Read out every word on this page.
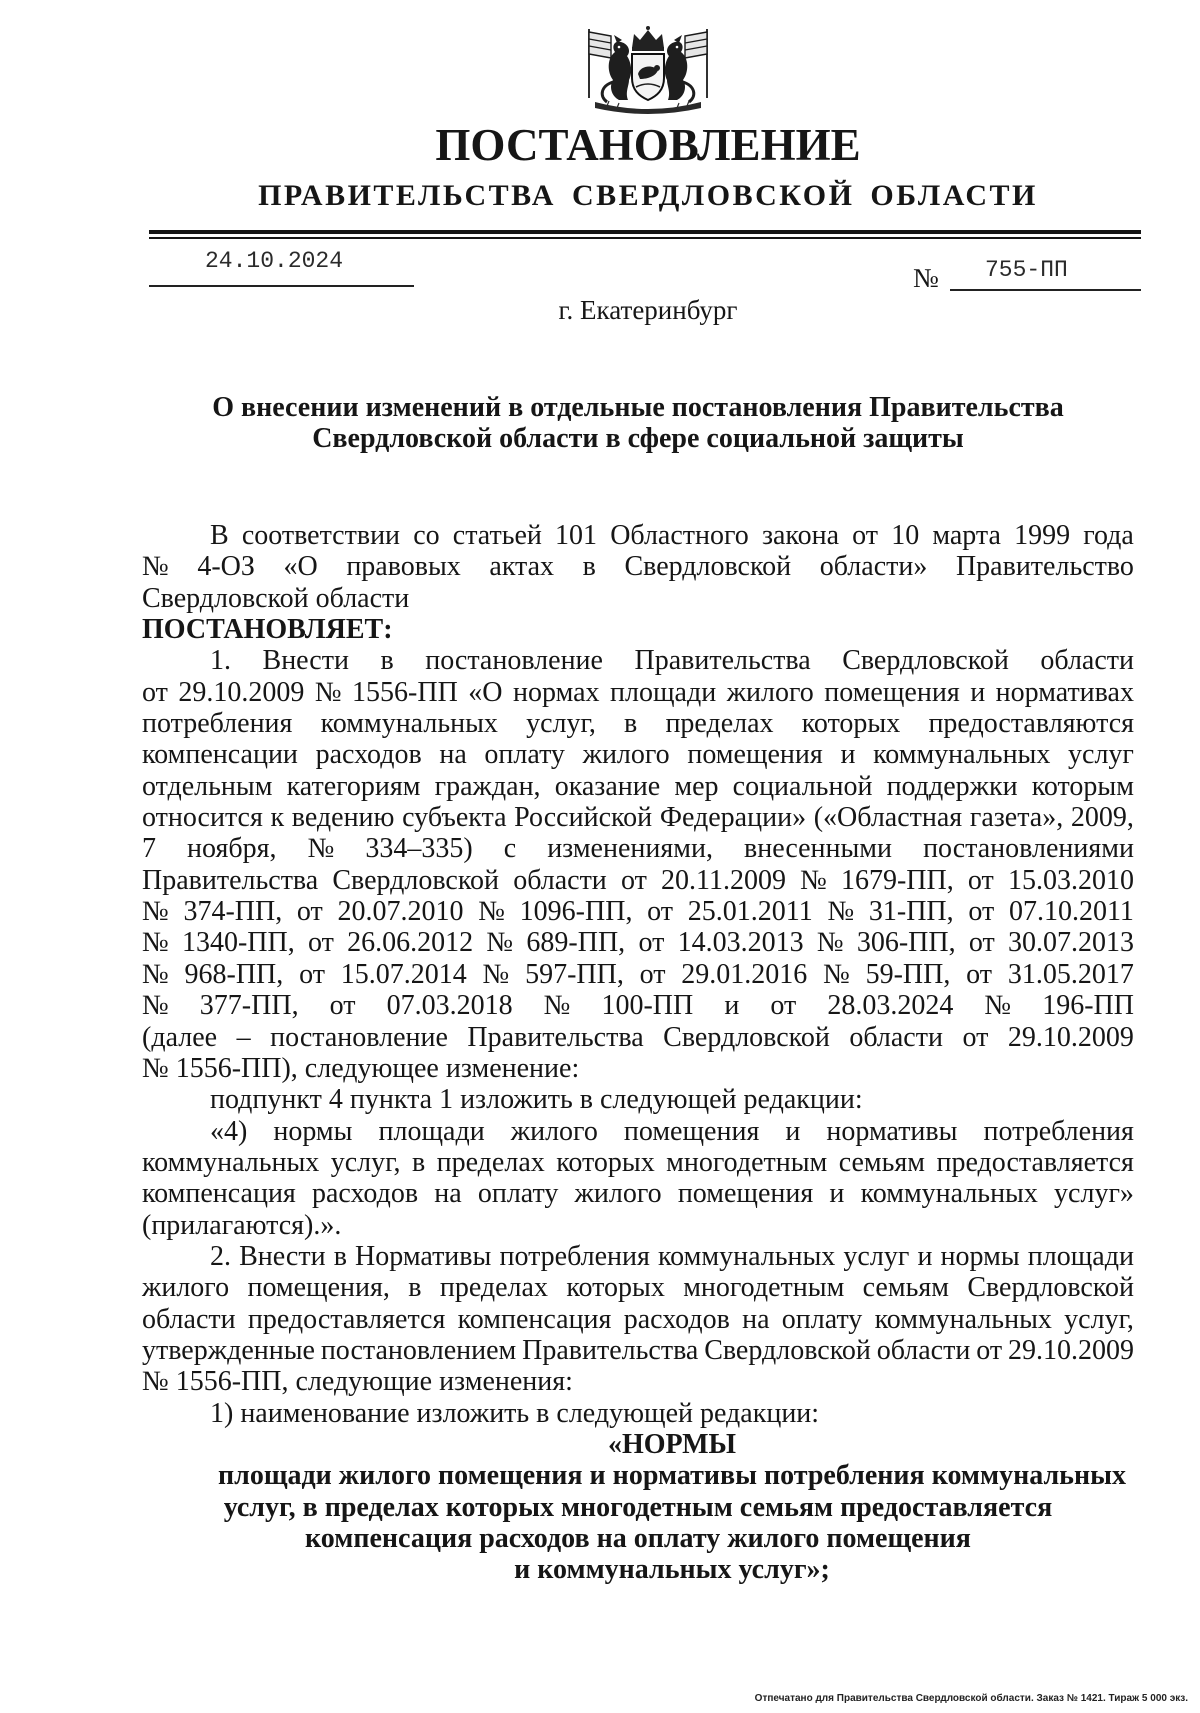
ПОСТАНОВЛЕНИЕ
ПРАВИТЕЛЬСТВА СВЕРДЛОВСКОЙ ОБЛАСТИ
24.10.2024
№ 755-ПП
г. Екатеринбург
О внесении изменений в отдельные постановления Правительства
Свердловской области в сфере социальной защиты
В соответствии со статьей 101 Областного закона от 10 марта 1999 года
№ 4-ОЗ «О правовых актах в Свердловской области» Правительство
Свердловской области
ПОСТАНОВЛЯЕТ:
1. Внести в постановление Правительства Свердловской области
от 29.10.2009 № 1556-ПП «О нормах площади жилого помещения и нормативах
потребления коммунальных услуг, в пределах которых предоставляются
компенсации расходов на оплату жилого помещения и коммунальных услуг
отдельным категориям граждан, оказание мер социальной поддержки которым
относится к ведению субъекта Российской Федерации» («Областная газета», 2009,
7 ноября, № 334–335) с изменениями, внесенными постановлениями
Правительства Свердловской области от 20.11.2009 № 1679-ПП, от 15.03.2010
№ 374-ПП, от 20.07.2010 № 1096-ПП, от 25.01.2011 № 31-ПП, от 07.10.2011
№ 1340-ПП, от 26.06.2012 № 689-ПП, от 14.03.2013 № 306-ПП, от 30.07.2013
№ 968-ПП, от 15.07.2014 № 597-ПП, от 29.01.2016 № 59-ПП, от 31.05.2017
№ 377-ПП, от 07.03.2018 № 100-ПП и от 28.03.2024 № 196-ПП
(далее – постановление Правительства Свердловской области от 29.10.2009
№ 1556-ПП), следующее изменение:
подпункт 4 пункта 1 изложить в следующей редакции:
«4) нормы площади жилого помещения и нормативы потребления
коммунальных услуг, в пределах которых многодетным семьям предоставляется
компенсация расходов на оплату жилого помещения и коммунальных услуг»
(прилагаются).».
2. Внести в Нормативы потребления коммунальных услуг и нормы площади
жилого помещения, в пределах которых многодетным семьям Свердловской
области предоставляется компенсация расходов на оплату коммунальных услуг,
утвержденные постановлением Правительства Свердловской области от 29.10.2009
№ 1556-ПП, следующие изменения:
1) наименование изложить в следующей редакции:
«НОРМЫ
площади жилого помещения и нормативы потребления коммунальных
услуг, в пределах которых многодетным семьям предоставляется
компенсация расходов на оплату жилого помещения
и коммунальных услуг»;
Отпечатано для Правительства Свердловской области. Заказ № 1421. Тираж 5 000 экз.
